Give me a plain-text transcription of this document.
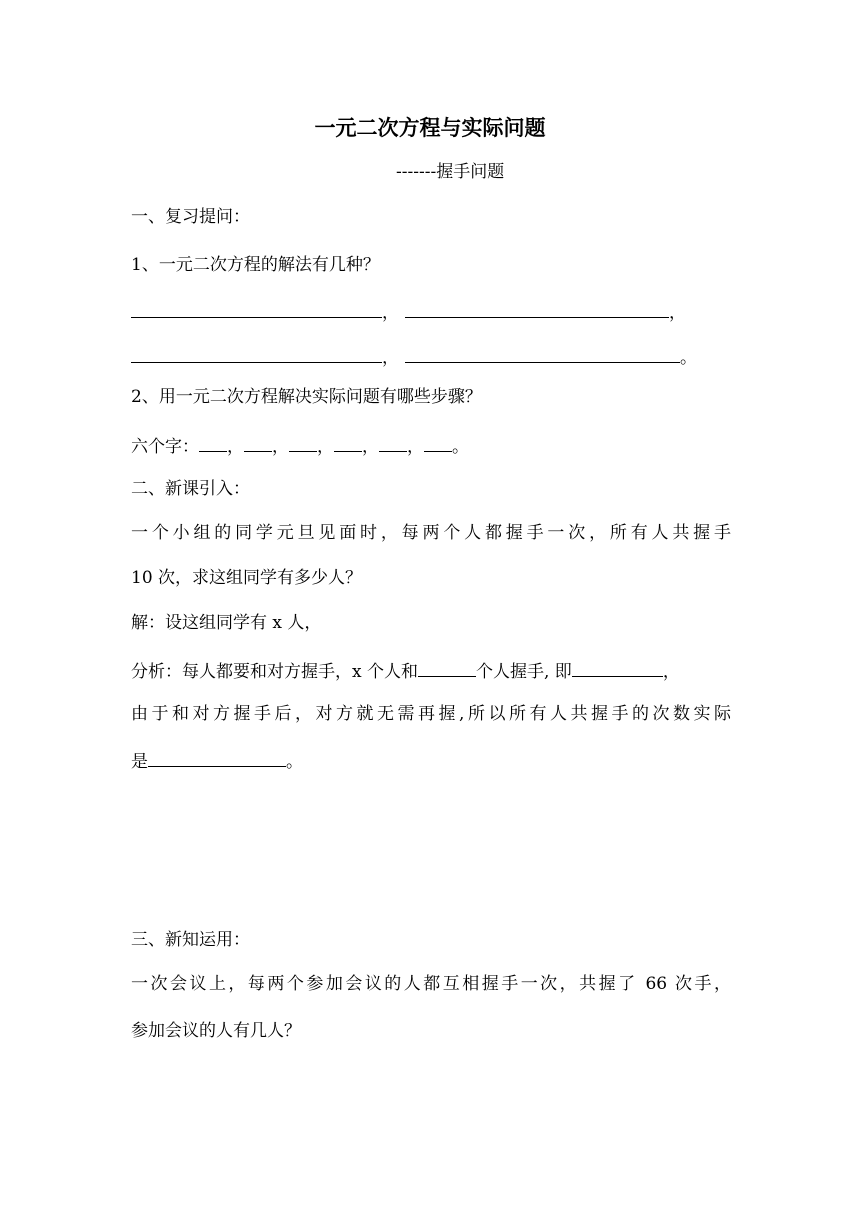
一元二次方程与实际问题
-------握手问题
一、复习提问：
1、一元二次方程的解法有几种？
，	，
，	。
2、用一元二次方程解决实际问题有哪些步骤？
六个字： ， ， ， ， ， 。
二、新课引入：
一个小组的同学元旦见面时，每两个人都握手一次，所有人共握手
10 次，求这组同学有多少人？
解：设这组同学有 x 人，
分析：每人都要和对方握手，x 个人和	个人握手, 即	，
由于和对方握手后，对方就无需再握,所以所有人共握手的次数实际
是	。
三、新知运用：
一次会议上，每两个参加会议的人都互相握手一次，共握了 66 次手，
参加会议的人有几人？
